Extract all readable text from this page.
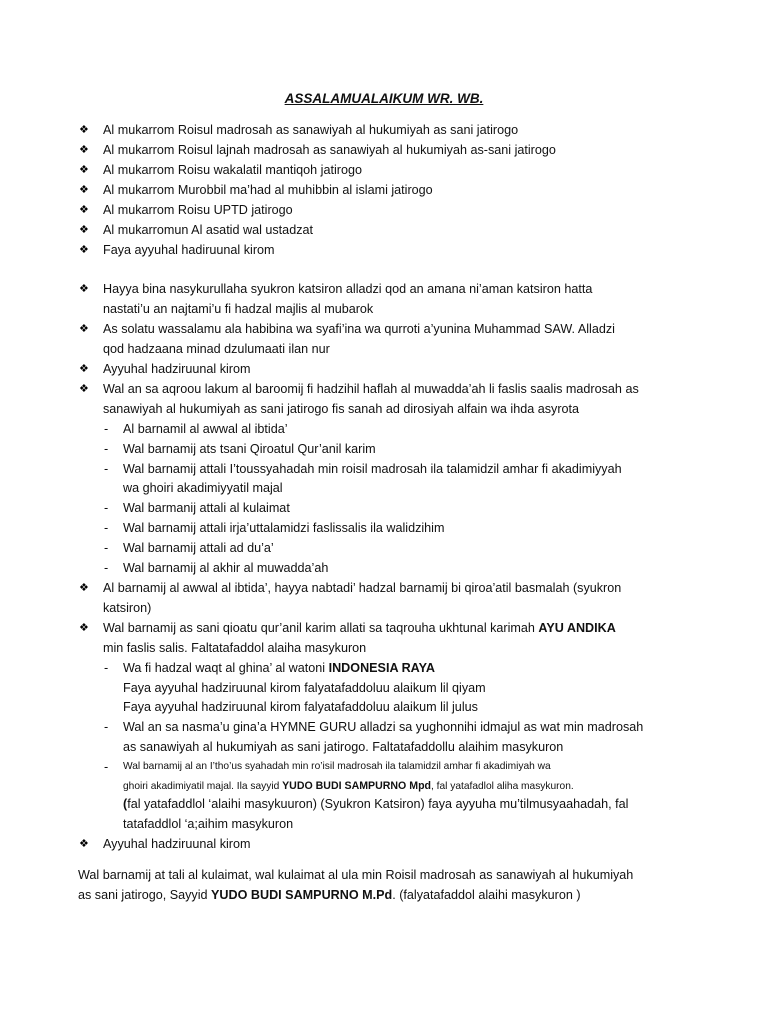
ASSALAMUALAIKUM WR. WB.
❖ Al mukarrom Roisul madrosah as sanawiyah al hukumiyah as sani jatirogo
❖ Al mukarrom Roisul lajnah madrosah as sanawiyah al hukumiyah as-sani jatirogo
❖ Al mukarrom Roisu wakalatil mantiqoh jatirogo
❖ Al mukarrom Murobbil ma’had al muhibbin al islami jatirogo
❖ Al mukarrom Roisu UPTD jatirogo
❖ Al mukarromun Al asatid wal ustadzat
❖ Faya ayyuhal hadiruunal kirom
❖ Hayya bina nasykurullaha syukron katsiron alladzi qod an amana ni’aman katsiron hatta
nastati’u an najtami’u fi hadzal majlis al mubarok
❖ As solatu wassalamu ala habibina wa syafi’ina wa qurroti a’yunina Muhammad SAW. Alladzi
qod hadzaana minad dzulumaati ilan nur
❖ Ayyuhal hadziruunal kirom
❖ Wal an sa aqroou lakum al baroomij fi hadzihil haflah al muwadda’ah li faslis saalis madrosah as
sanawiyah al hukumiyah as sani jatirogo fis sanah ad dirosiyah alfain wa ihda asyrota
- Al barnamil al awwal al ibtida’
- Wal barnamij ats tsani Qiroatul Qur’anil karim
- Wal barnamij attali I’toussyahadah min roisil madrosah ila talamidzil amhar fi akadimiyyah
wa ghoiri akadimiyyatil majal
- Wal barmanij attali al kulaimat
- Wal barnamij attali irja’uttalamidzi faslissalis ila walidzihim
- Wal barnamij attali ad du’a’
- Wal barnamij al akhir al muwadda’ah
❖ Al barnamij al awwal al ibtida’, hayya nabtadi’ hadzal barnamij bi qiroa’atil basmalah (syukron
katsiron)
❖ Wal barnamij as sani qioatu qur’anil karim allati sa taqrouha ukhtunal karimah AYU ANDIKA
min faslis salis. Faltatafaddol alaiha masykuron
- Wa fi hadzal waqt al ghina’ al watoni INDONESIA RAYA
Faya ayyuhal hadziruunal kirom falyatafaddoluu alaikum lil qiyam
Faya ayyuhal hadziruunal kirom falyatafaddoluu alaikum lil julus
- Wal an sa nasma’u gina’a HYMNE GURU alladzi sa yughonnihi idmajul as wat min madrosah
as sanawiyah al hukumiyah as sani jatirogo. Faltatafaddollu alaihim masykuron
- Wal barnamij al an I’tho’us syahadah min ro’isil madrosah ila talamidzil amhar fi akadimiyah wa
ghoiri akadimiyatil majal. Ila sayyid YUDO BUDI SAMPURNO Mpd, fal yatafadlol aliha masykuron.
(fal yatafaddlol ‘alaihi masykuuron) (Syukron Katsiron) faya ayyuha mu’tilmusyaahadah, fal
tatafaddlol ‘a;aihim masykuron
❖ Ayyuhal hadziruunal kirom
Wal barnamij at tali al kulaimat, wal kulaimat al ula min Roisil madrosah as sanawiyah al hukumiyah
as sani jatirogo, Sayyid YUDO BUDI SAMPURNO M.Pd. (falyatafaddol alaihi masykuron )
